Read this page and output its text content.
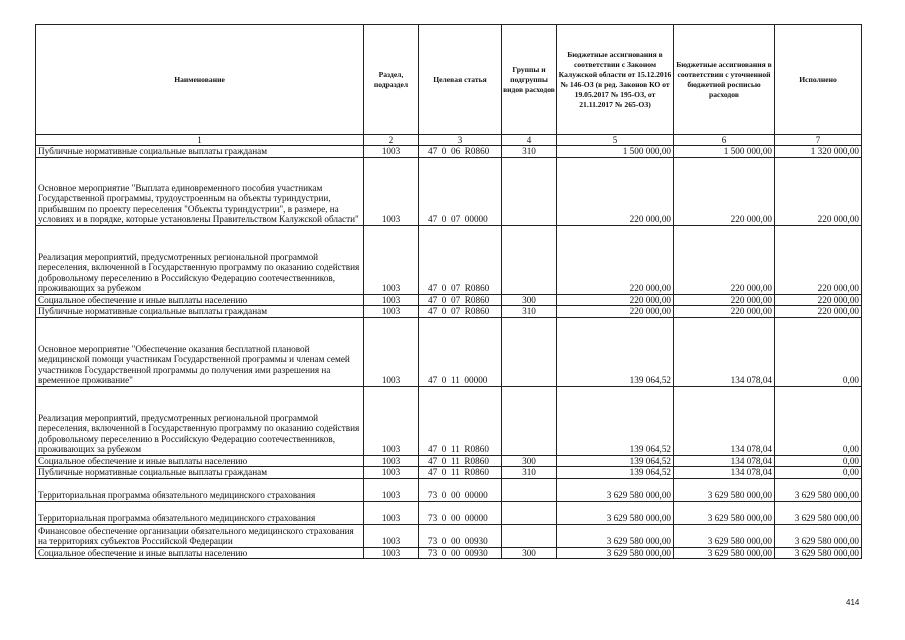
Наименование	Раздел, подраздел	Целевая статья	Группы и подгруппы видов расходов	Бюджетные ассигнования в соответствии с Законом Калужской области от 15.12.2016 № 146-ОЗ (в ред. Законов КО от 19.05.2017 № 195-ОЗ, от 21.11.2017 № 265-ОЗ)	Бюджетные ассигнования в соответствии с уточненной бюджетной росписью расходов	Исполнено
1	2	3	4	5	6	7
Публичные нормативные социальные выплаты гражданам	1003	47  0  06  R0860	310	1 500 000,00	1 500 000,00	1 320 000,00
Основное мероприятие "Выплата единовременного пособия участникам Государственной программы, трудоустроенным на объекты туриндустрии, прибывшим по проекту переселения "Объекты туриндустрии", в размере, на условиях и в порядке, которые установлены Правительством Калужской области"	1003	47  0  07  00000		220 000,00	220 000,00	220 000,00
Реализация мероприятий, предусмотренных региональной программой переселения, включенной в Государственную программу по оказанию содействия добровольному переселению в Российскую Федерацию соотечественников, проживающих за рубежом	1003	47  0  07  R0860		220 000,00	220 000,00	220 000,00
Социальное обеспечение и иные выплаты населению	1003	47  0  07  R0860	300	220 000,00	220 000,00	220 000,00
Публичные нормативные социальные выплаты гражданам	1003	47  0  07  R0860	310	220 000,00	220 000,00	220 000,00
Основное мероприятие "Обеспечение оказания бесплатной плановой медицинской помощи участникам Государственной программы и членам семей участников Государственной программы до получения ими разрешения на временное проживание"	1003	47  0  11  00000		139 064,52	134 078,04	0,00
Реализация мероприятий, предусмотренных региональной программой переселения, включенной в Государственную программу по оказанию содействия добровольному переселению в Российскую Федерацию соотечественников, проживающих за рубежом	1003	47  0  11  R0860		139 064,52	134 078,04	0,00
Социальное обеспечение и иные выплаты населению	1003	47  0  11  R0860	300	139 064,52	134 078,04	0,00
Публичные нормативные социальные выплаты гражданам	1003	47  0  11  R0860	310	139 064,52	134 078,04	0,00
Территориальная программа обязательного медицинского страхования	1003	73  0  00  00000		3 629 580 000,00	3 629 580 000,00	3 629 580 000,00
Территориальная программа обязательного медицинского страхования	1003	73  0  00  00000		3 629 580 000,00	3 629 580 000,00	3 629 580 000,00
Финансовое обеспечение организации обязательного медицинского страхования на территориях субъектов Российской Федерации	1003	73  0  00  00930		3 629 580 000,00	3 629 580 000,00	3 629 580 000,00
Социальное обеспечение и иные выплаты населению	1003	73  0  00  00930	300	3 629 580 000,00	3 629 580 000,00	3 629 580 000,00
414
